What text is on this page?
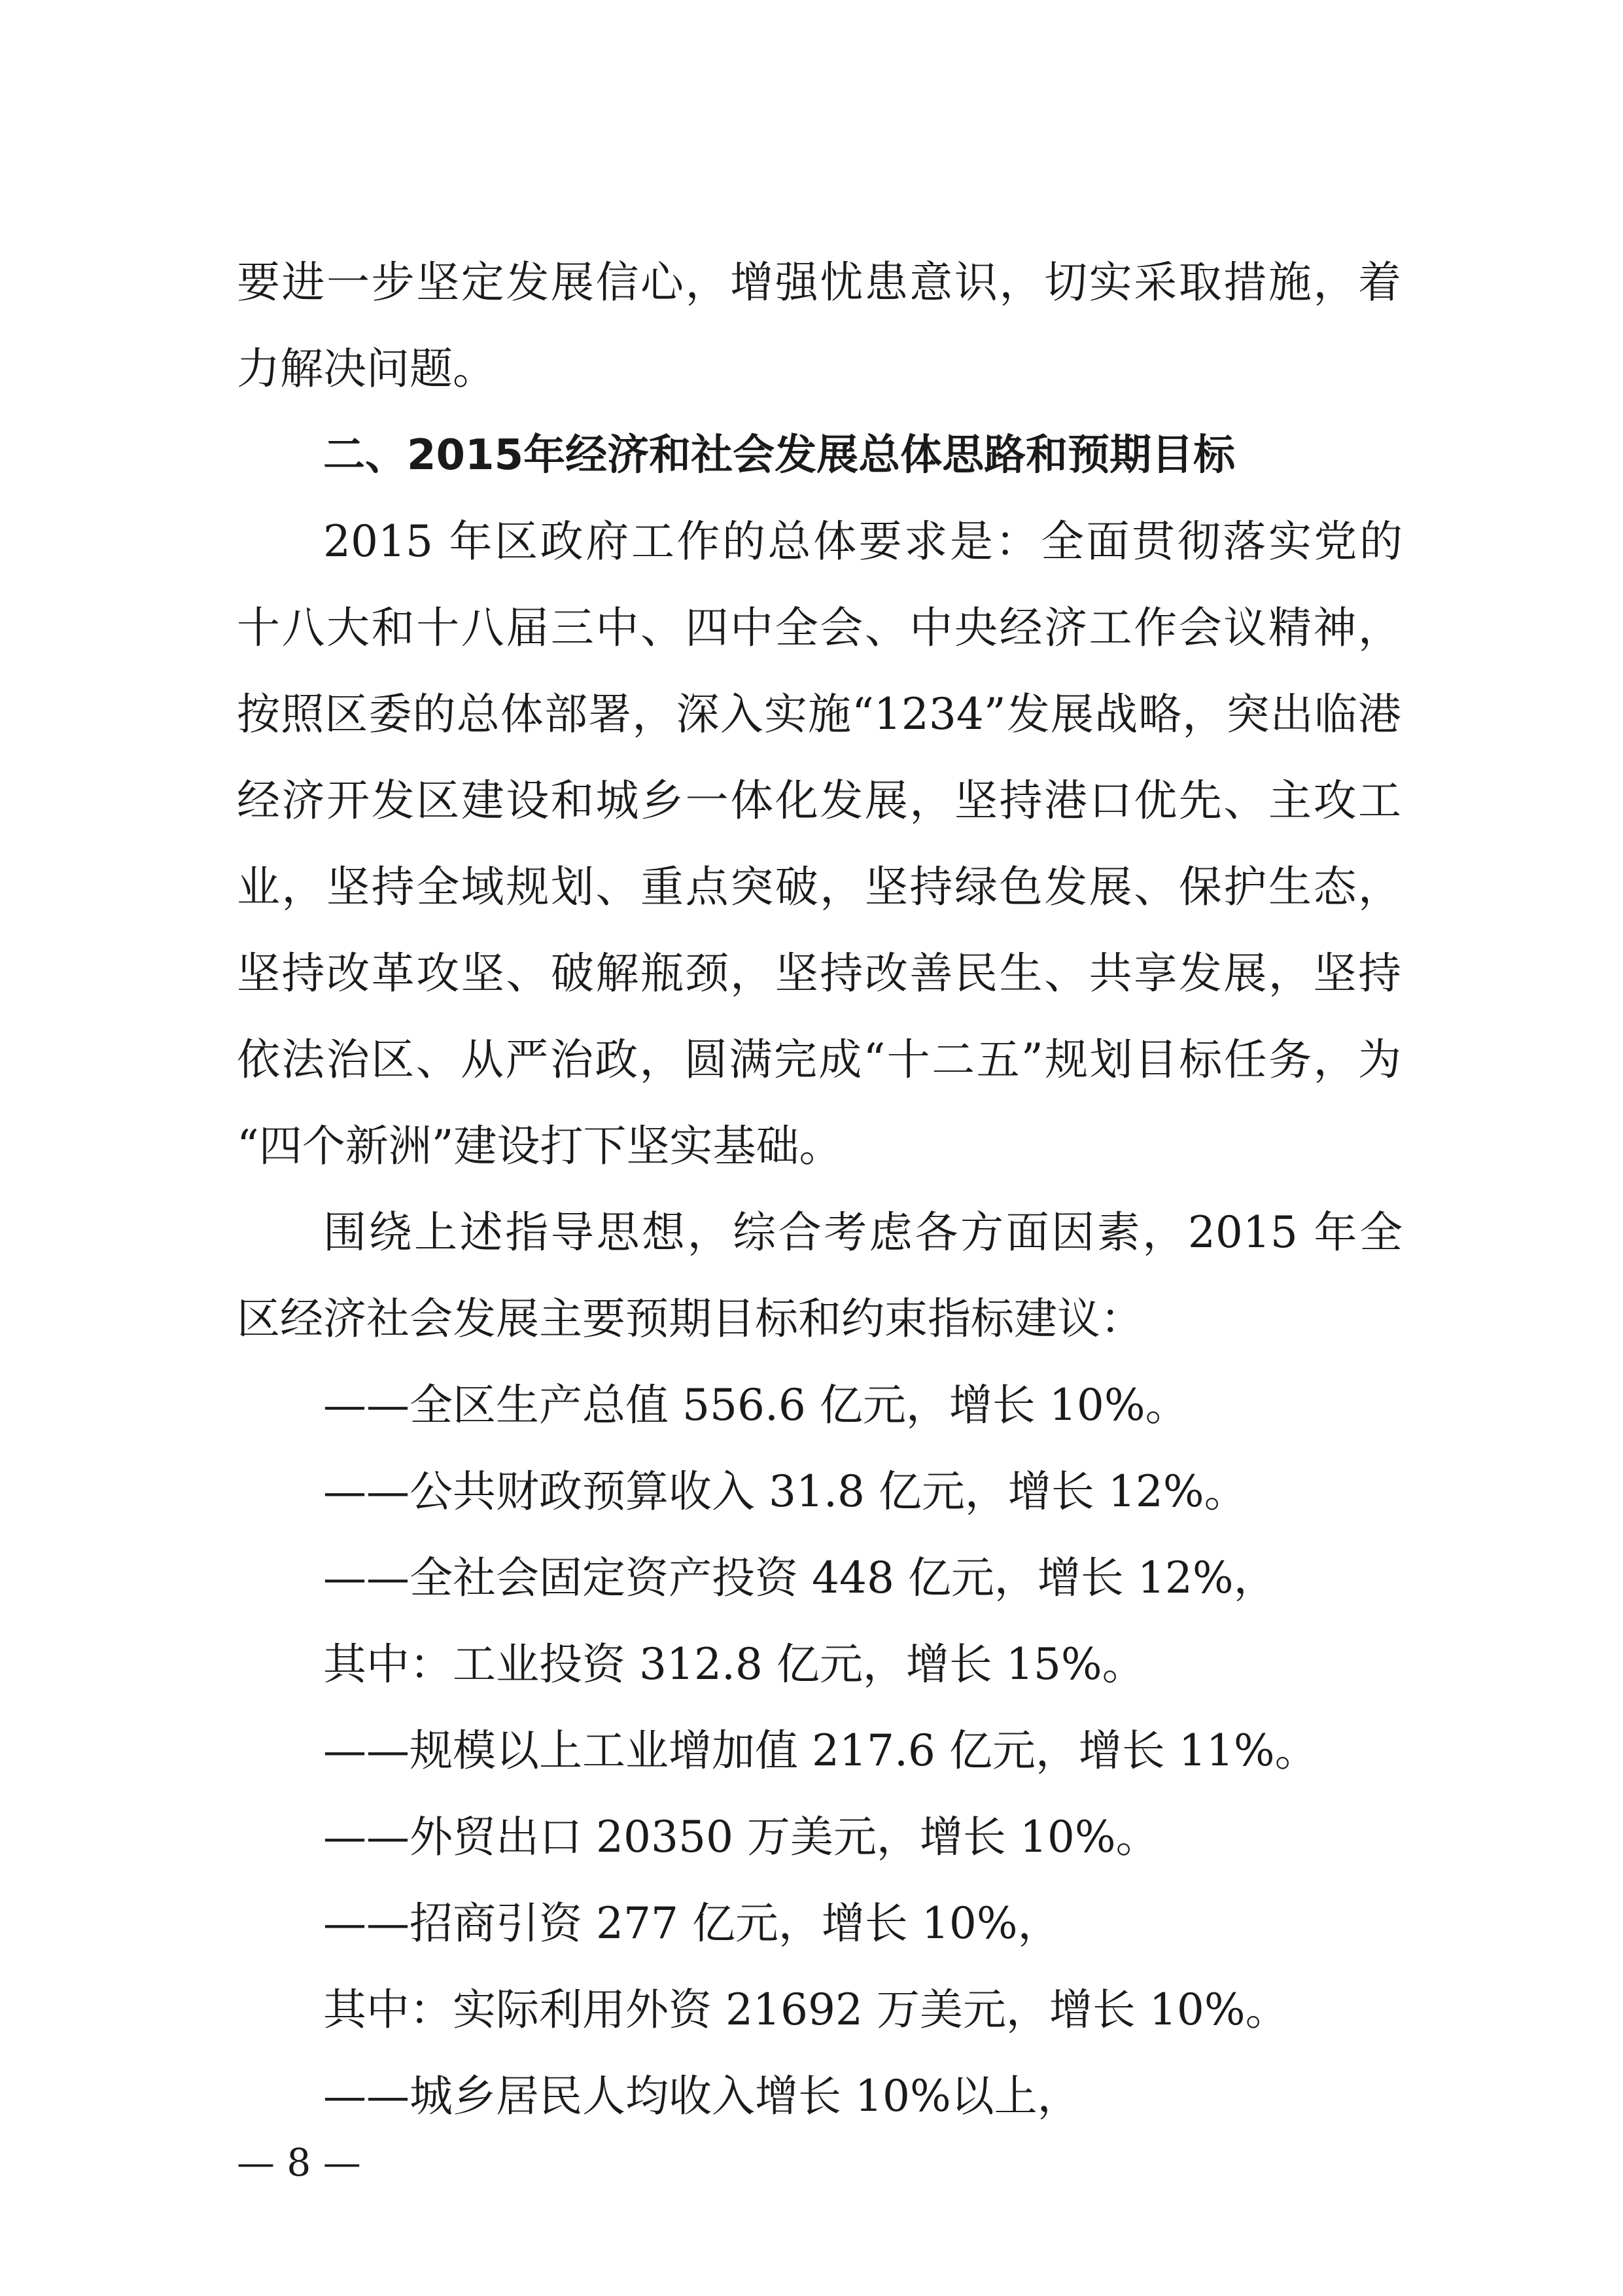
要进一步坚定发展信心，增强忧患意识，切实采取措施，着
力解决问题。
二、2015年经济和社会发展总体思路和预期目标
2015 年区政府工作的总体要求是：全面贯彻落实党的
十八大和十八届三中、四中全会、中央经济工作会议精神，
按照区委的总体部署，深入实施“1234”发展战略，突出临港
经济开发区建设和城乡一体化发展，坚持港口优先、主攻工
业，坚持全域规划、重点突破，坚持绿色发展、保护生态，
坚持改革攻坚、破解瓶颈，坚持改善民生、共享发展，坚持
依法治区、从严治政，圆满完成“十二五”规划目标任务，为
“四个新洲”建设打下坚实基础。
围绕上述指导思想，综合考虑各方面因素，2015 年全
区经济社会发展主要预期目标和约束指标建议：
——全区生产总值 556.6 亿元，增长 10%。
——公共财政预算收入 31.8 亿元，增长 12%。
——全社会固定资产投资 448 亿元，增长 12%，
其中：工业投资 312.8 亿元，增长 15%。
——规模以上工业增加值 217.6 亿元，增长 11%。
——外贸出口 20350 万美元，增长 10%。
——招商引资 277 亿元，增长 10%，
其中：实际利用外资 21692 万美元，增长 10%。
——城乡居民人均收入增长 10%以上，
— 8 —
